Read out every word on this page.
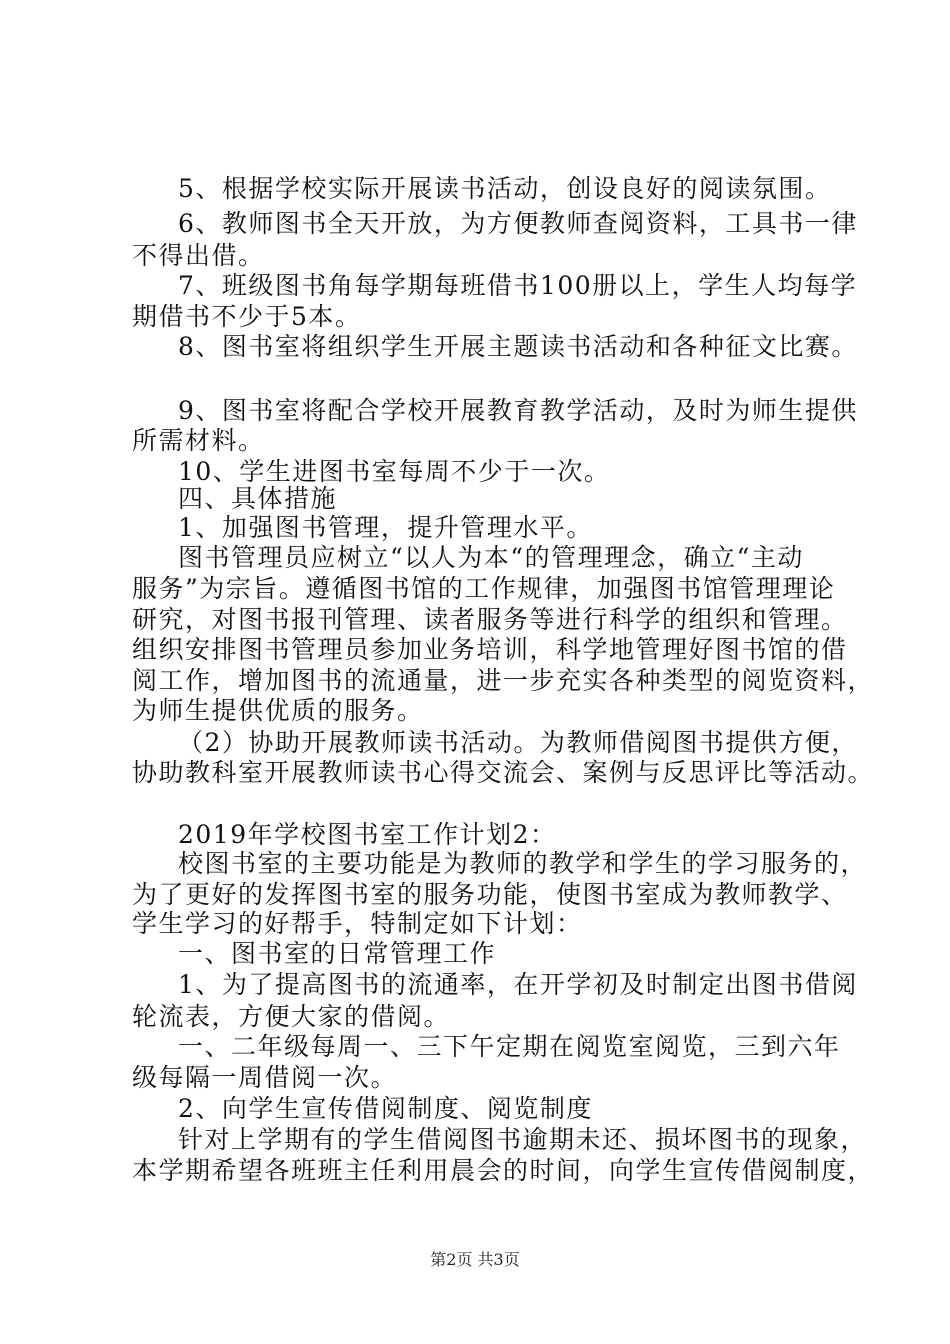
5、根据学校实际开展读书活动，创设良好的阅读氛围。
6、教师图书全天开放，为方便教师查阅资料，工具书一律
不得出借。
7、班级图书角每学期每班借书100册以上，学生人均每学
期借书不少于5本。
8、图书室将组织学生开展主题读书活动和各种征文比赛。
9、图书室将配合学校开展教育教学活动，及时为师生提供
所需材料。
10、学生进图书室每周不少于一次。
四、具体措施
1、加强图书管理，提升管理水平。
图书管理员应树立“以人为本“的管理理念，确立“主动
服务”为宗旨。遵循图书馆的工作规律，加强图书馆管理理论
研究，对图书报刊管理、读者服务等进行科学的组织和管理。
组织安排图书管理员参加业务培训，科学地管理好图书馆的借
阅工作，增加图书的流通量，进一步充实各种类型的阅览资料，
为师生提供优质的服务。
（2）协助开展教师读书活动。为教师借阅图书提供方便，
协助教科室开展教师读书心得交流会、案例与反思评比等活动。
2019年学校图书室工作计划2：
校图书室的主要功能是为教师的教学和学生的学习服务的，
为了更好的发挥图书室的服务功能，使图书室成为教师教学、
学生学习的好帮手，特制定如下计划：
一、图书室的日常管理工作
1、为了提高图书的流通率，在开学初及时制定出图书借阅
轮流表，方便大家的借阅。
一、二年级每周一、三下午定期在阅览室阅览，三到六年
级每隔一周借阅一次。
2、向学生宣传借阅制度、阅览制度
针对上学期有的学生借阅图书逾期未还、损坏图书的现象，
本学期希望各班班主任利用晨会的时间，向学生宣传借阅制度，
第2页 共3页
